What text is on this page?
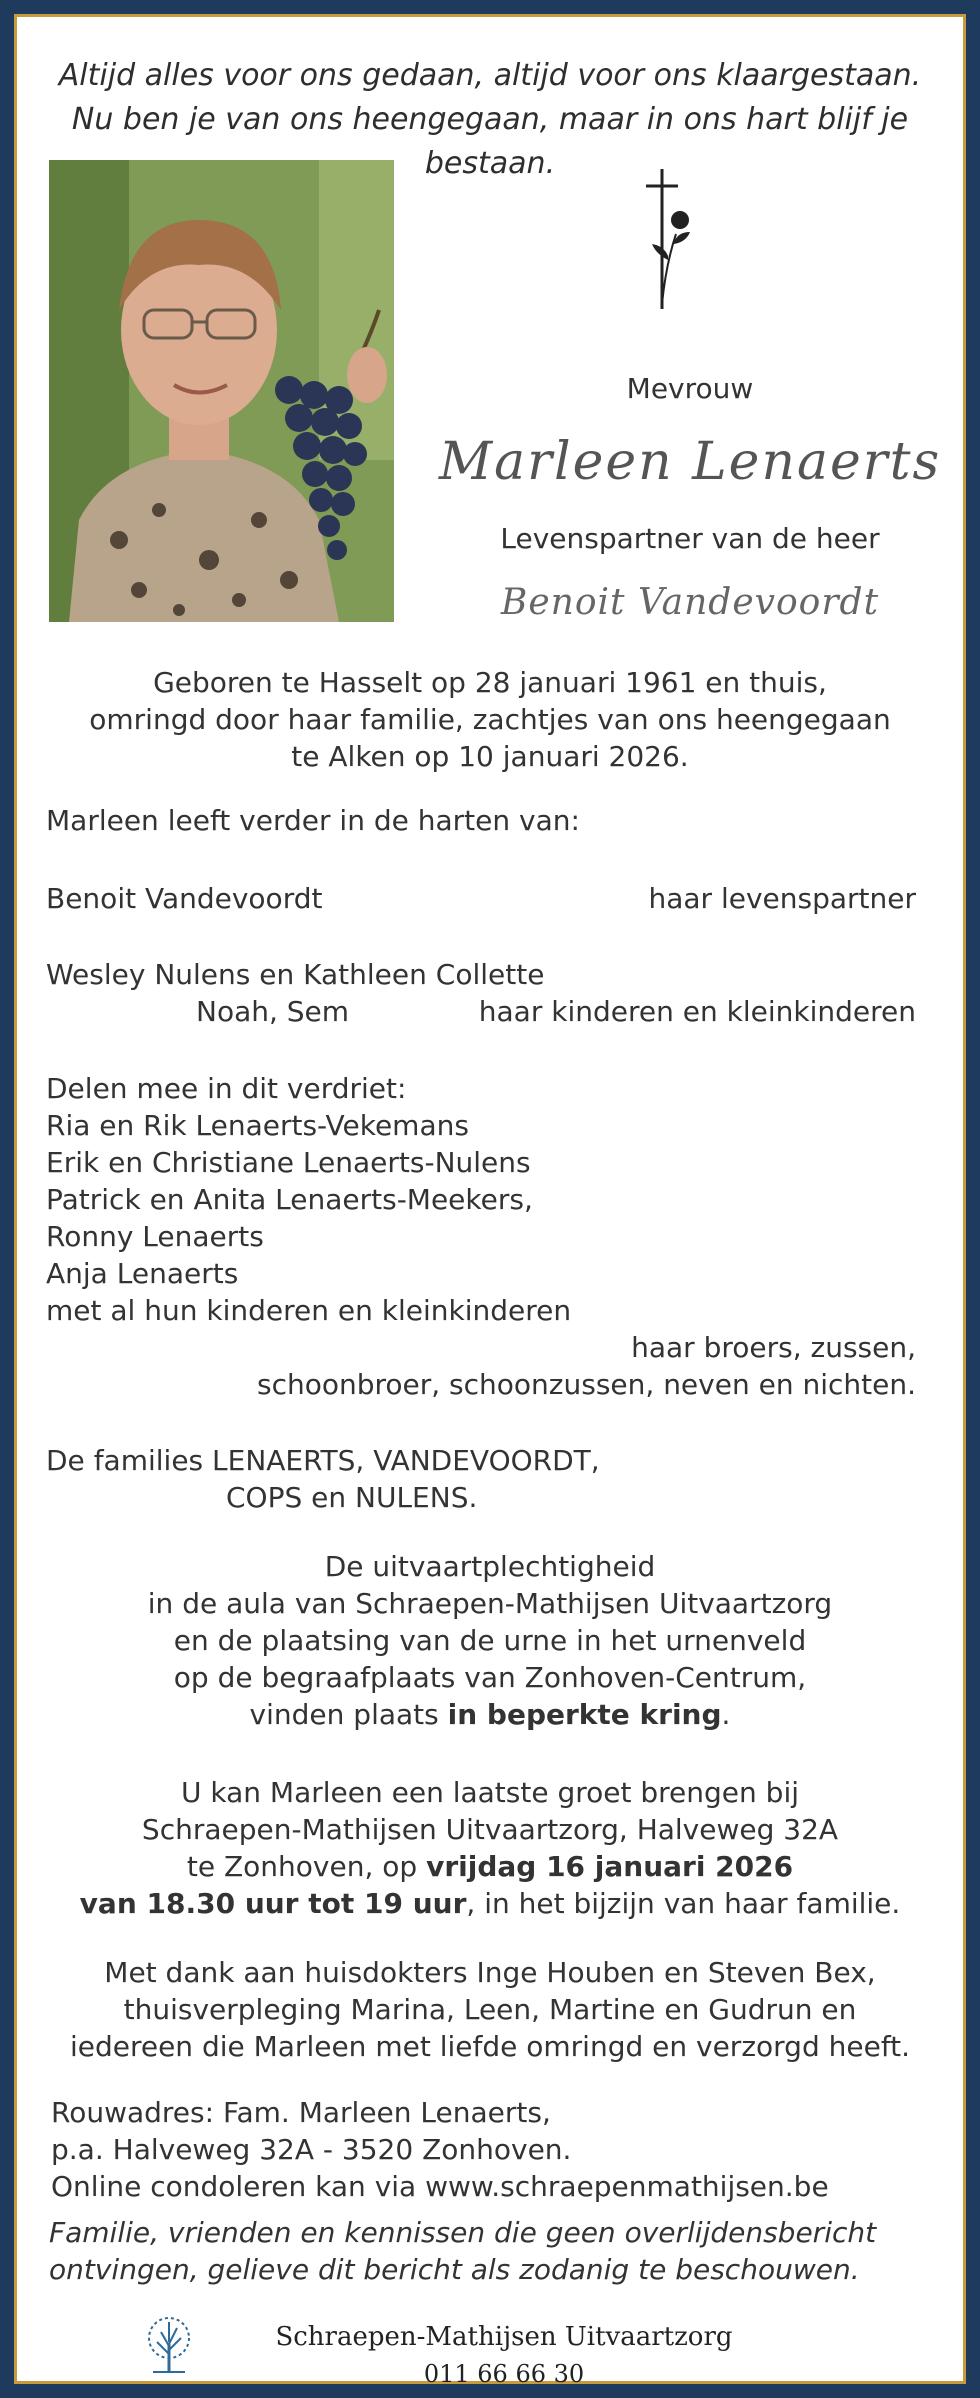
Altijd alles voor ons gedaan, altijd voor ons klaargestaan.
Nu ben je van ons heengegaan, maar in ons hart blijf je bestaan.
Mevrouw
Marleen Lenaerts
Levenspartner van de heer
Benoit Vandevoordt
Geboren te Hasselt op 28 januari 1961 en thuis,
omringd door haar familie, zachtjes van ons heengegaan
te Alken op 10 januari 2026.
Marleen leeft verder in de harten van:
Benoit Vandevoordt	haar levenspartner
Wesley Nulens en Kathleen Collette
Noah, Sem	haar kinderen en kleinkinderen
Delen mee in dit verdriet:
Ria en Rik Lenaerts-Vekemans
Erik en Christiane Lenaerts-Nulens
Patrick en Anita Lenaerts-Meekers,
Ronny Lenaerts
Anja Lenaerts
met al hun kinderen en kleinkinderen
haar broers, zussen,
schoonbroer, schoonzussen, neven en nichten.
De families LENAERTS, VANDEVOORDT,
COPS en NULENS.
De uitvaartplechtigheid
in de aula van Schraepen-Mathijsen Uitvaartzorg
en de plaatsing van de urne in het urnenveld
op de begraafplaats van Zonhoven-Centrum,
vinden plaats in beperkte kring.
U kan Marleen een laatste groet brengen bij
Schraepen-Mathijsen Uitvaartzorg, Halveweg 32A
te Zonhoven, op vrijdag 16 januari 2026
van 18.30 uur tot 19 uur, in het bijzijn van haar familie.
Met dank aan huisdokters Inge Houben en Steven Bex,
thuisverpleging Marina, Leen, Martine en Gudrun en
iedereen die Marleen met liefde omringd en verzorgd heeft.
Rouwadres: Fam. Marleen Lenaerts,
p.a. Halveweg 32A - 3520 Zonhoven.
Online condoleren kan via www.schraepenmathijsen.be
Familie, vrienden en kennissen die geen overlijdensbericht
ontvingen, gelieve dit bericht als zodanig te beschouwen.
Schraepen-Mathijsen Uitvaartzorg
011 66 66 30
